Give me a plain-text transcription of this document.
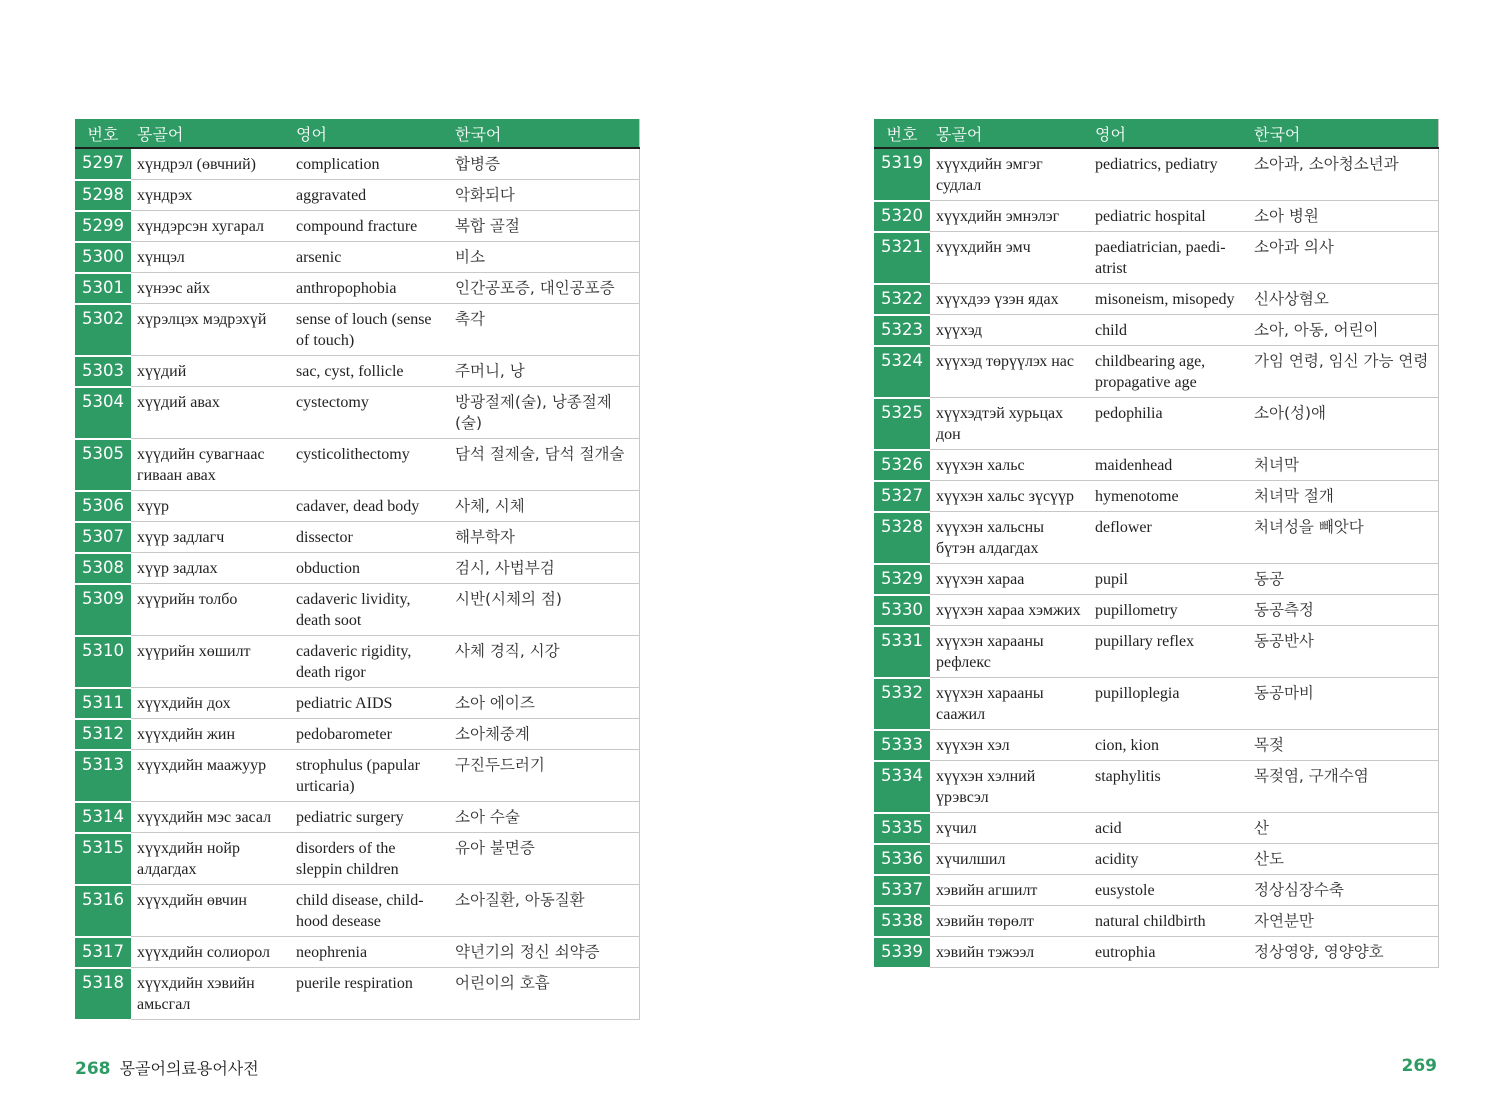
번호	몽골어	영어	한국어
5297	хүндрэл (өвчний)	complication	합병증
5298	хүндрэх	aggravated	악화되다
5299	хүндэрсэн хугарал	compound fracture	복합 골절
5300	хүнцэл	arsenic	비소
5301	хүнээс айх	anthropophobia	인간공포증, 대인공포증
5302	хүрэлцэх мэдрэхүй	sense of louch (sense of touch)	촉각
5303	хүүдий	sac, cyst, follicle	주머니, 낭
5304	хүүдий авах	cystectomy	방광절제(술), 낭종절제(술)
5305	хүүдийн сувагнаас гиваан авах	cysticolithectomy	담석 절제술, 담석 절개술
5306	хүүр	cadaver, dead body	사체, 시체
5307	хүүр задлагч	dissector	해부학자
5308	хүүр задлах	obduction	검시, 사법부검
5309	хүүрийн толбо	cadaveric lividity, death soot	시반(시체의 점)
5310	хүүрийн хөшилт	cadaveric rigidity, death rigor	사체 경직, 시강
5311	хүүхдийн дох	pediatric AIDS	소아 에이즈
5312	хүүхдийн жин	pedobarometer	소아체중계
5313	хүүхдийн маажуур	strophulus (papular urticaria)	구진두드러기
5314	хүүхдийн мэс засал	pediatric surgery	소아 수술
5315	хүүхдийн нойр алдагдах	disorders of the sleppin children	유아 불면증
5316	хүүхдийн өвчин	child disease, child-hood desease	소아질환, 아동질환
5317	хүүхдийн солиорол	neophrenia	약년기의 정신 쇠약증
5318	хүүхдийн хэвийн амьсгал	puerile respiration	어린이의 호흡
번호	몽골어	영어	한국어
5319	хүүхдийн эмгэг судлал	pediatrics, pediatry	소아과, 소아청소년과
5320	хүүхдийн эмнэлэг	pediatric hospital	소아 병원
5321	хүүхдийн эмч	paediatrician, paedi-atrist	소아과 의사
5322	хүүхдээ үзэн ядах	misoneism, misopedy	신사상혐오
5323	хүүхэд	child	소아, 아동, 어린이
5324	хүүхэд төрүүлэх нас	childbearing age, propagative age	가임 연령, 임신 가능 연령
5325	хүүхэдтэй хурьцах дон	pedophilia	소아(성)애
5326	хүүхэн хальс	maidenhead	처녀막
5327	хүүхэн хальс зүсүүр	hymenotome	처녀막 절개
5328	хүүхэн хальсны бүтэн алдагдах	deflower	처녀성을 빼앗다
5329	хүүхэн хараа	pupil	동공
5330	хүүхэн хараа хэмжих	pupillometry	동공측정
5331	хүүхэн харааны рефлекс	pupillary reflex	동공반사
5332	хүүхэн харааны саажил	pupilloplegia	동공마비
5333	хүүхэн хэл	cion, kion	목젖
5334	хүүхэн хэлний үрэвсэл	staphylitis	목젖염, 구개수염
5335	хүчил	acid	산
5336	хүчилшил	acidity	산도
5337	хэвийн агшилт	eusystole	정상심장수축
5338	хэвийн төрөлт	natural childbirth	자연분만
5339	хэвийн тэжээл	eutrophia	정상영양, 영양양호
268 몽골어의료용어사전	269
